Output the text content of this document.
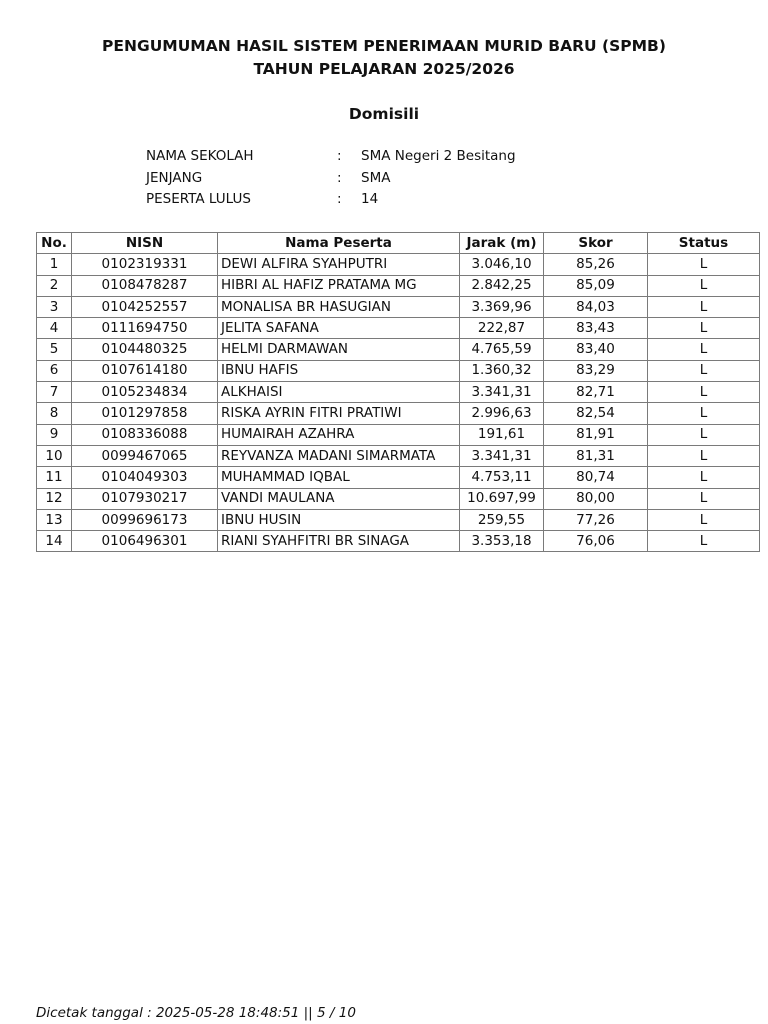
PENGUMUMAN HASIL SISTEM PENERIMAAN MURID BARU (SPMB)
TAHUN PELAJARAN 2025/2026
Domisili
NAMA SEKOLAH	: SMA Negeri 2 Besitang
JENJANG	: SMA
PESERTA LULUS	: 14
No.	NISN	Nama Peserta	Jarak (m)	Skor	Status
1	0102319331	DEWI ALFIRA SYAHPUTRI	3.046,10	85,26	L
2	0108478287	HIBRI AL HAFIZ PRATAMA MG	2.842,25	85,09	L
3	0104252557	MONALISA BR HASUGIAN	3.369,96	84,03	L
4	0111694750	JELITA SAFANA	222,87	83,43	L
5	0104480325	HELMI DARMAWAN	4.765,59	83,40	L
6	0107614180	IBNU HAFIS	1.360,32	83,29	L
7	0105234834	ALKHAISI	3.341,31	82,71	L
8	0101297858	RISKA AYRIN FITRI PRATIWI	2.996,63	82,54	L
9	0108336088	HUMAIRAH AZAHRA	191,61	81,91	L
10	0099467065	REYVANZA MADANI SIMARMATA	3.341,31	81,31	L
11	0104049303	MUHAMMAD IQBAL	4.753,11	80,74	L
12	0107930217	VANDI MAULANA	10.697,99	80,00	L
13	0099696173	IBNU HUSIN	259,55	77,26	L
14	0106496301	RIANI SYAHFITRI BR SINAGA	3.353,18	76,06	L
Dicetak tanggal : 2025-05-28 18:48:51 || 5 / 10
